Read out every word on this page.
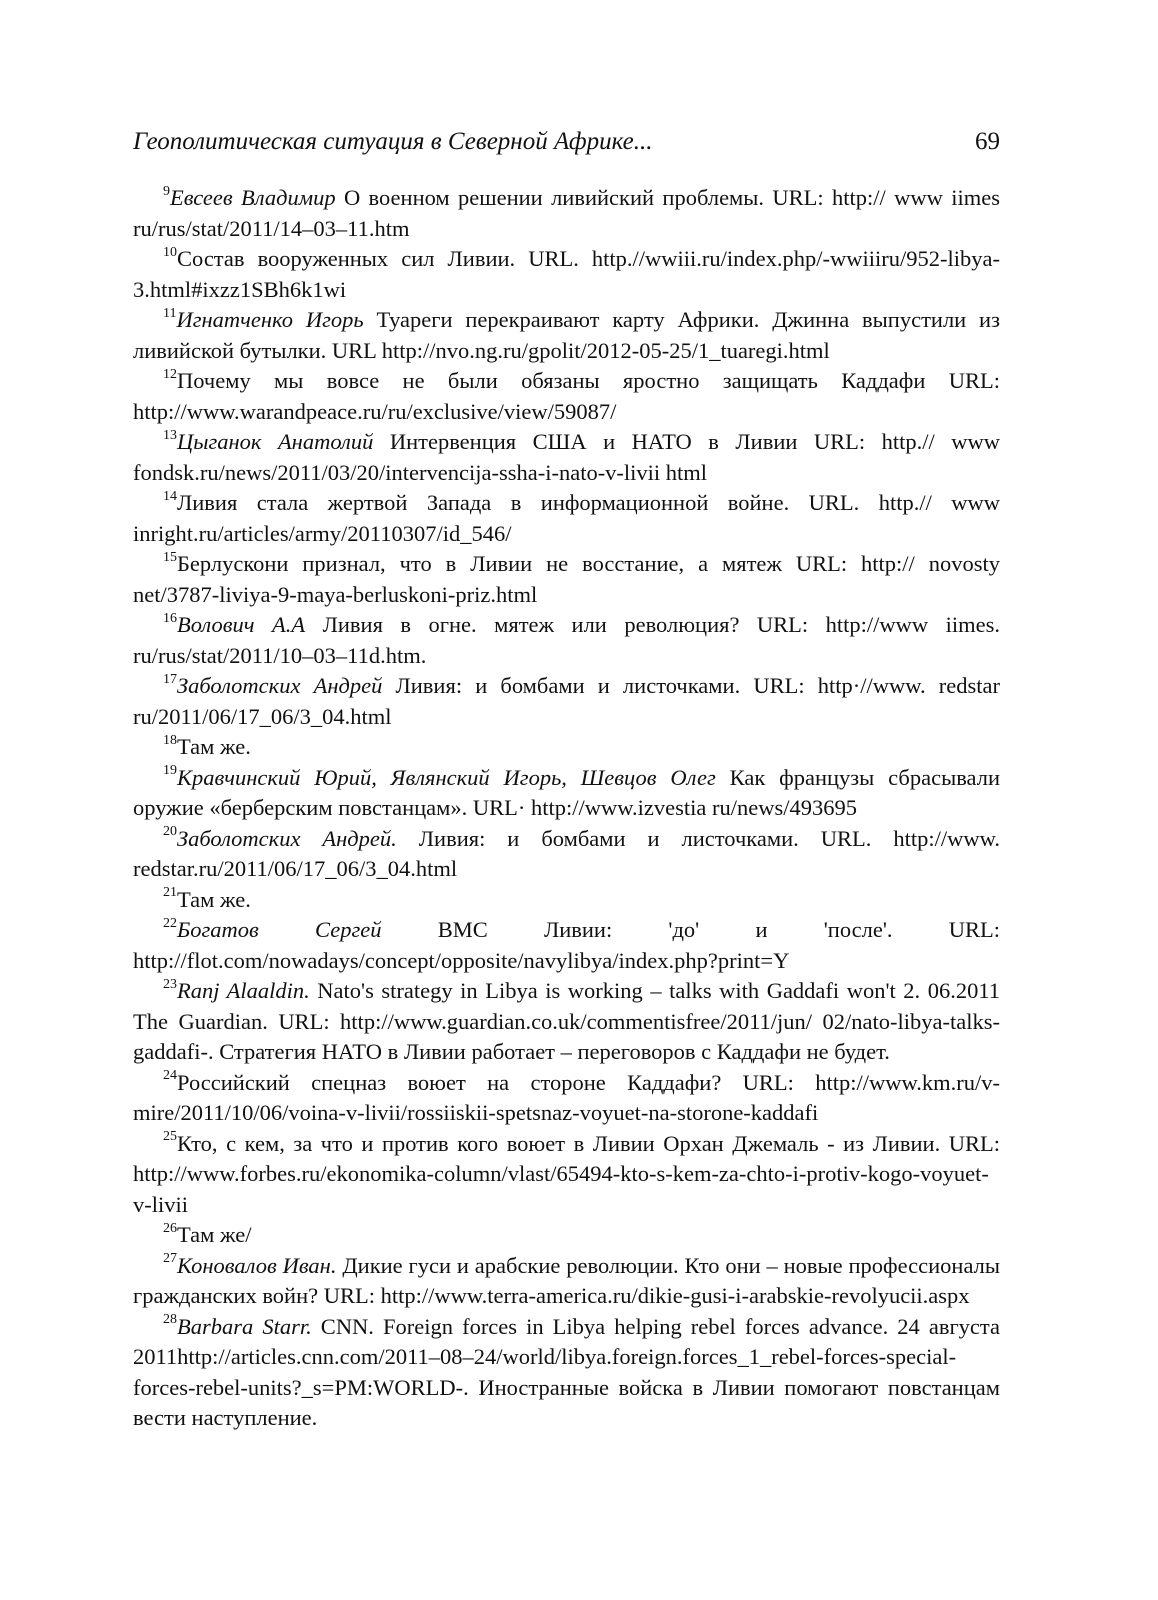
Геополитическая ситуация в Северной Африке...	69

$^9$Евсеев Владимир О военном решении ливийский проблемы. URL: http:// www iimes ru/rus/stat/2011/14–03–11.htm

$^{10}$Состав вооруженных сил Ливии. URL. http.//wwiii.ru/index.php/-wwiiiru/952-libya-3.html#ixzz1SBh6k1wi

$^{11}$Игнатченко Игорь Туареги перекраивают карту Африки. Джинна выпустили из ливийской бутылки. URL http://nvo.ng.ru/gpolit/2012-05-25/1_tuaregi.html

$^{12}$Почему мы вовсе не были обязаны яростно защищать Каддафи URL: http://www.warandpeace.ru/ru/exclusive/view/59087/

$^{13}$Цыганок Анатолий Интервенция США и НАТО в Ливии URL: http.// www fondsk.ru/news/2011/03/20/intervencija-ssha-i-nato-v-livii html

$^{14}$Ливия стала жертвой Запада в информационной войне. URL. http.// www inright.ru/articles/army/20110307/id_546/

$^{15}$Берлускони признал, что в Ливии не восстание, а мятеж URL: http:// novosty net/3787-liviya-9-maya-berluskoni-priz.html

$^{16}$Волович А.А Ливия в огне. мятеж или революция? URL: http://www iimes. ru/rus/stat/2011/10–03–11d.htm.

$^{17}$Заболотских Андрей Ливия: и бомбами и листочками. URL: http·//www. redstar ru/2011/06/17_06/3_04.html

$^{18}$Там же.

$^{19}$Кравчинский Юрий, Являнский Игорь, Шевцов Олег Как французы сбрасывали оружие «берберским повстанцам». URL· http://www.izvestia ru/news/493695

$^{20}$Заболотских Андрей. Ливия: и бомбами и листочками. URL. http://www. redstar.ru/2011/06/17_06/3_04.html

$^{21}$Там же.

$^{22}$Богатов Сергей ВМС Ливии: 'до' и 'после'. URL: http://flot.com/nowadays/concept/opposite/navylibya/index.php?print=Y

$^{23}$Ranj Alaaldin. Nato's strategy in Libya is working – talks with Gaddafi won't 2. 06.2011 The Guardian. URL: http://www.guardian.co.uk/commentisfree/2011/jun/ 02/nato-libya-talks-gaddafi-. Стратегия НАТО в Ливии работает – переговоров с Каддафи не будет.

$^{24}$Российский спецназ воюет на стороне Каддафи? URL: http://www.km.ru/v-mire/2011/10/06/voina-v-livii/rossiiskii-spetsnaz-voyuet-na-storone-kaddafi

$^{25}$Кто, с кем, за что и против кого воюет в Ливии Орхан Джемаль - из Ливии. URL: http://www.forbes.ru/ekonomika-column/vlast/65494-kto-s-kem-za-chto-i-protiv-kogo-voyuet-v-livii

$^{26}$Там же/

$^{27}$Коновалов Иван. Дикие гуси и арабские революции. Кто они – новые профессионалы гражданских войн? URL: http://www.terra-america.ru/dikie-gusi-i-arabskie-revolyucii.aspx

$^{28}$Barbara Starr. CNN. Foreign forces in Libya helping rebel forces advance. 24 августа 2011http://articles.cnn.com/2011–08–24/world/libya.foreign.forces_1_rebel-forces-special-forces-rebel-units?_s=PM:WORLD-. Иностранные войска в Ливии помогают повстанцам вести наступление.
